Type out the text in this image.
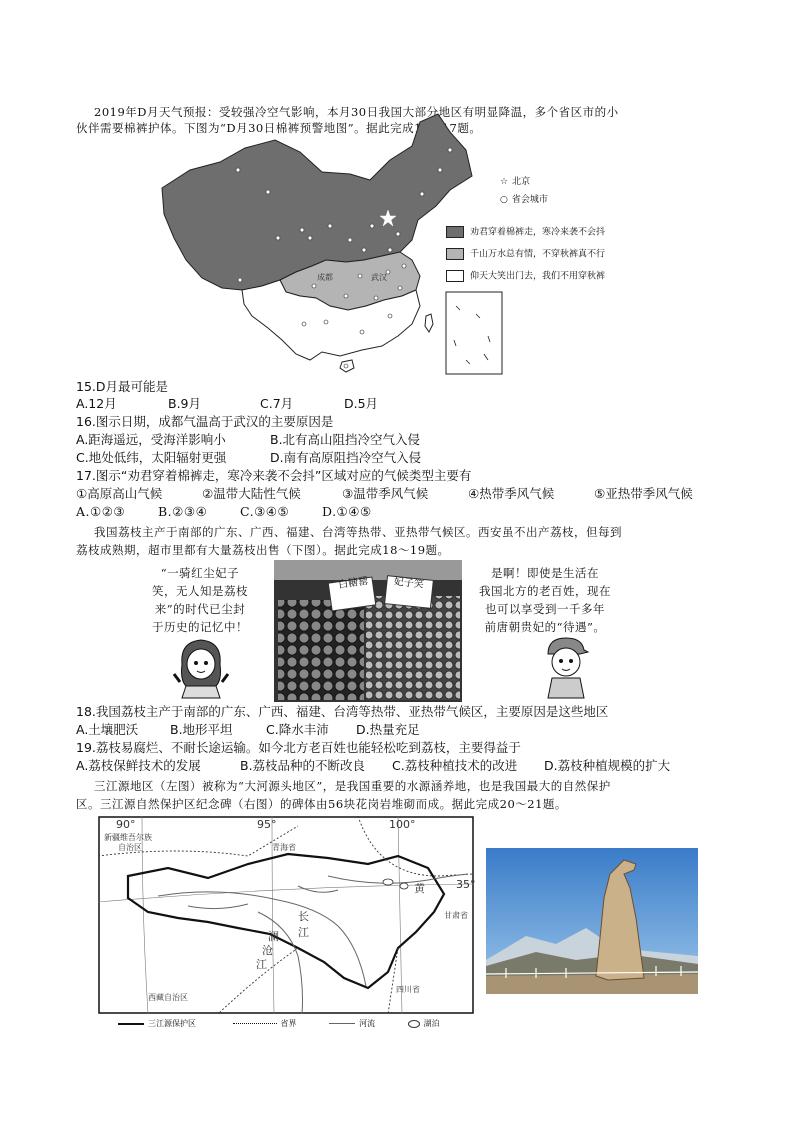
2019年D月天气预报：受较强冷空气影响，本月30日我国大部分地区有明显降温，多个省区市的小
伙伴需要棉裤护体。下图为“D月30日棉裤预警地图”。据此完成15～17题。
成都	武汉
☆ 北京
○ 省会城市
劝君穿着棉裤走，寒冷来袭不会抖
千山万水总有情，不穿秋裤真不行
仰天大笑出门去，我们不用穿秋裤
15.D月最可能是
A.12月	B.9月	C.7月	D.5月
16.图示日期，成都气温高于武汉的主要原因是
A.距海遥远，受海洋影响小	B.北有高山阻挡冷空气入侵
C.地处低纬，太阳辐射更强	D.南有高原阻挡冷空气入侵
17.图示“劝君穿着棉裤走，寒冷来袭不会抖”区域对应的气候类型主要有
①高原高山气候	②温带大陆性气候	③温带季风气候	④热带季风气候	⑤亚热带季风气候
A.①②③	B.②③④	C.③④⑤	D.①④⑤
我国荔枝主产于南部的广东、广西、福建、台湾等热带、亚热带气候区。西安虽不出产荔枝，但每到
荔枝成熟期，超市里都有大量荔枝出售（下图）。据此完成18～19题。
“一骑红尘妃子
笑，无人知是荔枝
来”的时代已尘封
于历史的记忆中！
是啊！即使是生活在
我国北方的老百姓，现在
也可以享受到一千多年
前唐朝贵妃的“待遇”。
白糖罂 妃子笑
18.我国荔枝主产于南部的广东、广西、福建、台湾等热带、亚热带气候区，主要原因是这些地区
A.土壤肥沃	B.地形平坦	C.降水丰沛 D.热量充足
19.荔枝易腐烂、不耐长途运输。如今北方老百姓也能轻松吃到荔枝，主要得益于
A.荔枝保鲜技术的发展	B.荔枝品种的不断改良 C.荔枝种植技术的改进 D.荔枝种植规模的扩大
三江源地区（左图）被称为“大河源头地区”，是我国重要的水源涵养地，也是我国最大的自然保护
区。三江源自然保护区纪念碑（右图）的碑体由56块花岗岩堆砌而成。据此完成20～21题。
90°	95°	100°
35°
新疆维吾尔族
自治区	青海省
甘肃省
四川省
西藏自治区
黄
长
江
澜
沧
江
三江源保护区	省界	河流	湖泊
